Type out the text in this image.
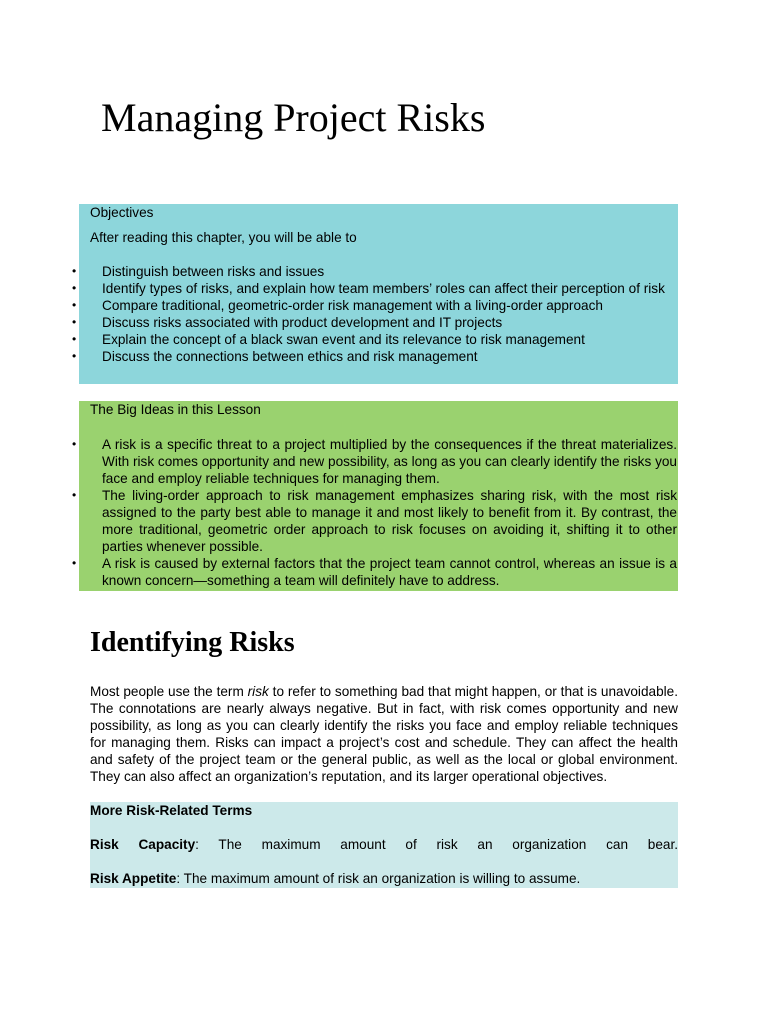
Managing Project Risks
Objectives
After reading this chapter, you will be able to
• Distinguish between risks and issues
• Identify types of risks, and explain how team members’ roles can affect their perception of risk
• Compare traditional, geometric-order risk management with a living-order approach
• Discuss risks associated with product development and IT projects
• Explain the concept of a black swan event and its relevance to risk management
• Discuss the connections between ethics and risk management
The Big Ideas in this Lesson
• A risk is a specific threat to a project multiplied by the consequences if the threat materializes. With risk comes opportunity and new possibility, as long as you can clearly identify the risks you face and employ reliable techniques for managing them.
• The living-order approach to risk management emphasizes sharing risk, with the most risk assigned to the party best able to manage it and most likely to benefit from it. By contrast, the more traditional, geometric order approach to risk focuses on avoiding it, shifting it to other parties whenever possible.
• A risk is caused by external factors that the project team cannot control, whereas an issue is a known concern—something a team will definitely have to address.
Identifying Risks

Most people use the term risk to refer to something bad that might happen, or that is unavoidable. The connotations are nearly always negative. But in fact, with risk comes opportunity and new possibility, as long as you can clearly identify the risks you face and employ reliable techniques for managing them. Risks can impact a project’s cost and schedule. They can affect the health and safety of the project team or the general public, as well as the local or global environment. They can also affect an organization’s reputation, and its larger operational objectives.

More Risk-Related Terms
Risk Capacity: The maximum amount of risk an organization can bear.
Risk Appetite: The maximum amount of risk an organization is willing to assume.
